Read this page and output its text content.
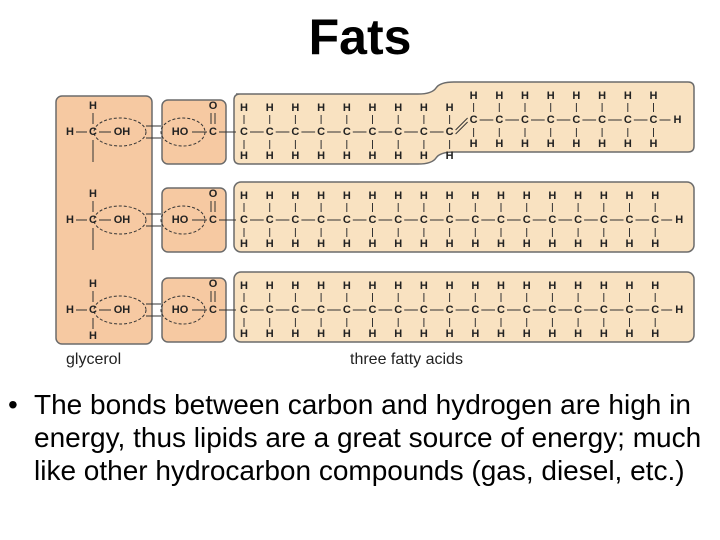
Fats
H C OH
H
HO C
O
C
H
H
C
H
H
C
H
H
C
H
H
C
H
H
C
H
H
C
H
H
C
H
H
C
H
H
C
H
H
C
H
H
C
H
H
C
H
H
C
H
H
C
H
H
C
H
H
C
H
H
H
H C OH
H
HO C
O
C
H
H
C
H
H
C
H
H
C
H
H
C
H
H
C
H
H
C
H
H
C
H
H
C
H
H
C
H
H
C
H
H
C
H
H
C
H
H
C
H
H
C
H
H
C
H
H
C
H
H
H
H C OH
H
H
HO C
O
C
H
H
C
H
H
C
H
H
C
H
H
C
H
H
C
H
H
C
H
H
C
H
H
C
H
H
C
H
H
C
H
H
C
H
H
C
H
H
C
H
H
C
H
H
C
H
H
C
H
H
H
glycerol	three fatty acids
• The bonds between carbon and hydrogen are high in energy, thus lipids are a great source of energy; much like other hydrocarbon compounds (gas, diesel, etc.)
